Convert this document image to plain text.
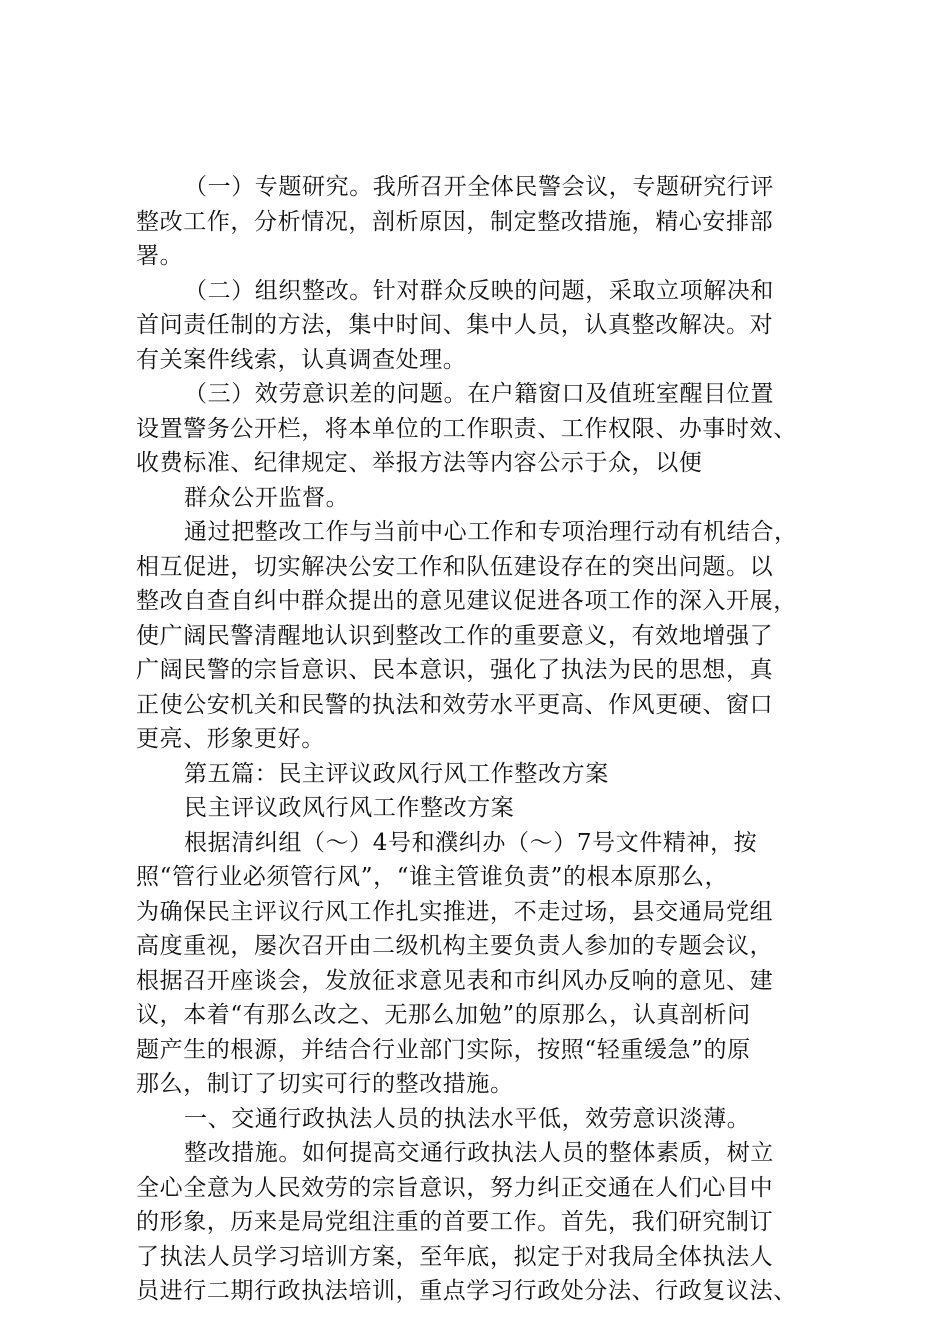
（一）专题研究。我所召开全体民警会议，专题研究行评
整改工作，分析情况，剖析原因，制定整改措施，精心安排部
署。
（二）组织整改。针对群众反映的问题，采取立项解决和
首问责任制的方法，集中时间、集中人员，认真整改解决。对
有关案件线索，认真调查处理。
（三）效劳意识差的问题。在户籍窗口及值班室醒目位置
设置警务公开栏，将本单位的工作职责、工作权限、办事时效、
收费标准、纪律规定、举报方法等内容公示于众，以便
群众公开监督。
通过把整改工作与当前中心工作和专项治理行动有机结合，
相互促进，切实解决公安工作和队伍建设存在的突出问题。以
整改自查自纠中群众提出的意见建议促进各项工作的深入开展，
使广阔民警清醒地认识到整改工作的重要意义，有效地增强了
广阔民警的宗旨意识、民本意识，强化了执法为民的思想，真
正使公安机关和民警的执法和效劳水平更高、作风更硬、窗口
更亮、形象更好。
第五篇：民主评议政风行风工作整改方案
民主评议政风行风工作整改方案
根据清纠组（～）4号和濮纠办（～）7号文件精神，按
照“管行业必须管行风”，“谁主管谁负责”的根本原那么，
为确保民主评议行风工作扎实推进，不走过场，县交通局党组
高度重视，屡次召开由二级机构主要负责人参加的专题会议，
根据召开座谈会，发放征求意见表和市纠风办反响的意见、建
议，本着“有那么改之、无那么加勉”的原那么，认真剖析问
题产生的根源，并结合行业部门实际，按照“轻重缓急”的原
那么，制订了切实可行的整改措施。
一、交通行政执法人员的执法水平低，效劳意识淡薄。
整改措施。如何提高交通行政执法人员的整体素质，树立
全心全意为人民效劳的宗旨意识，努力纠正交通在人们心目中
的形象，历来是局党组注重的首要工作。首先，我们研究制订
了执法人员学习培训方案，至年底，拟定于对我局全体执法人
员进行二期行政执法培训，重点学习行政处分法、行政复议法、
